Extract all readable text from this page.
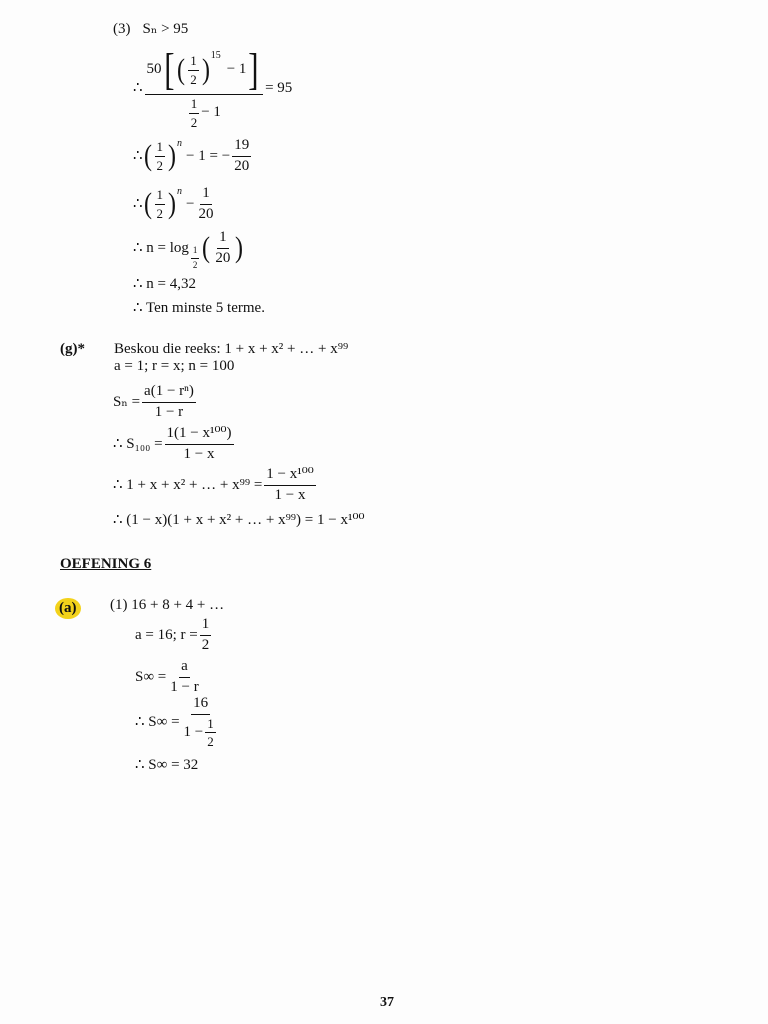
(3) Sₙ > 95
∴
50 [ ( $\frac{1}{2} )^{15}$
− 1 ]
$\frac{1}{2} - 1$
= 95
∴ ( $\frac{1}{2}$ ) $^n$
− 1 = − $\frac{19}{20}$
∴ ( $\frac{1}{2}$ ) $^n$
− $\frac{1}{20}$
∴ $n = \log \frac{1}{2}$ ( $\frac{1}{20}$ )
∴ n = 4,32
∴ Ten minste 5 terme.
(g)* Beskou die reeks: 1 + x + x² + … + x⁹⁹
a = 1; r = x; n = 100
$S_n = \frac{\text{a(1 − rⁿ)}}{1 - r}$
∴ $S_{100} = \frac{\text{1(1 − x¹⁰⁰)}}{1 - x}$
∴ 1 + x + x² + … + $x^{99} = \frac{\text{1 − x¹⁰⁰}}{1 - x}$
∴ (1 − x)(1 + x + x² + … + x⁹⁹) = 1 − x¹⁰⁰
OEFENING 6
(a) (1) 16 + 8 + 4 + …
a = 16; $r = \frac{1}{2}$
$S\infty = \frac{a}{1 - r}$
∴ $S\infty = \frac{16}{1 - \frac{1}{2}}$
∴ S∞ = 32
37
